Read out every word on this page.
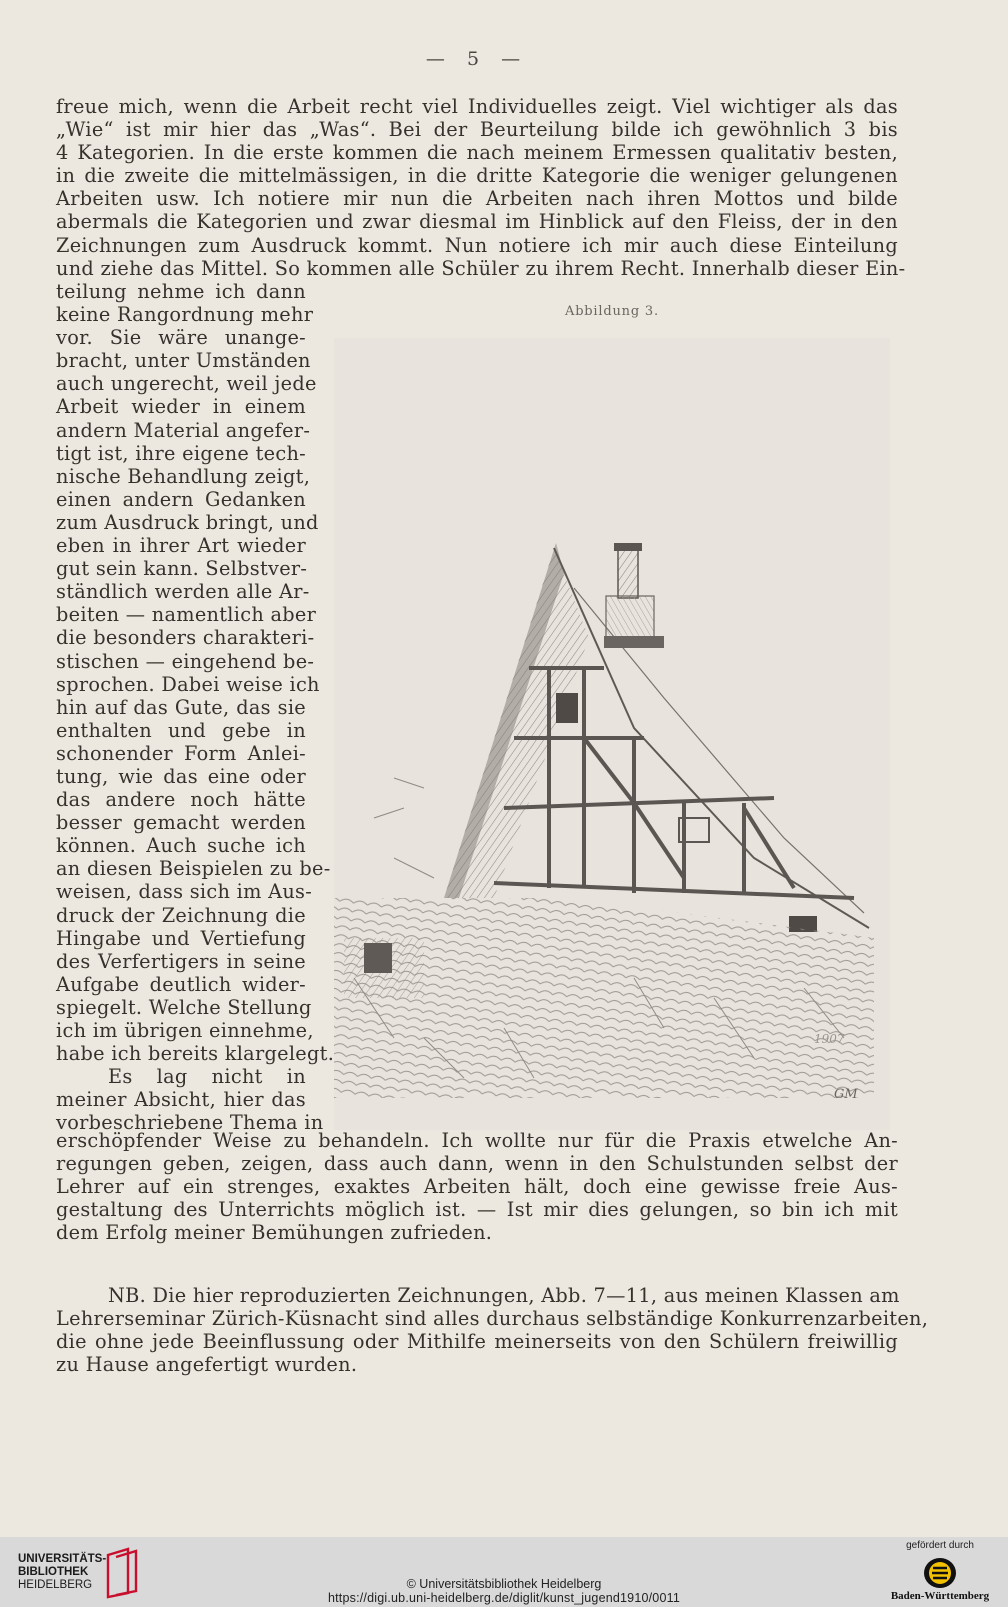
— 5 —
freue mich, wenn die Arbeit recht viel Individuelles zeigt. Viel wichtiger als das
„Wie“ ist mir hier das „Was“. Bei der Beurteilung bilde ich gewöhnlich 3 bis
4 Kategorien. In die erste kommen die nach meinem Ermessen qualitativ besten,
in die zweite die mittelmässigen, in die dritte Kategorie die weniger gelungenen
Arbeiten usw. Ich notiere mir nun die Arbeiten nach ihren Mottos und bilde
abermals die Kategorien und zwar diesmal im Hinblick auf den Fleiss, der in den
Zeichnungen zum Ausdruck kommt. Nun notiere ich mir auch diese Einteilung
und ziehe das Mittel. So kommen alle Schüler zu ihrem Recht. Innerhalb dieser Ein-
teilung nehme ich dann
keine Rangordnung mehr
vor. Sie wäre unange-
bracht, unter Umständen
auch ungerecht, weil jede
Arbeit wieder in einem
andern Material angefer-
tigt ist, ihre eigene tech-
nische Behandlung zeigt,
einen andern Gedanken
zum Ausdruck bringt, und
eben in ihrer Art wieder
gut sein kann. Selbstver-
ständlich werden alle Ar-
beiten — namentlich aber
die besonders charakteri-
stischen — eingehend be-
sprochen. Dabei weise ich
hin auf das Gute, das sie
enthalten und gebe in
schonender Form Anlei-
tung, wie das eine oder
das andere noch hätte
besser gemacht werden
können. Auch suche ich
an diesen Beispielen zu be-
weisen, dass sich im Aus-
druck der Zeichnung die
Hingabe und Vertiefung
des Verfertigers in seine
Aufgabe deutlich wider-
spiegelt. Welche Stellung
ich im übrigen einnehme,
habe ich bereits klargelegt.
Es lag nicht in
meiner Absicht, hier das
vorbeschriebene Thema in
Abbildung 3.
GM
1907
erschöpfender Weise zu behandeln. Ich wollte nur für die Praxis etwelche An-
regungen geben, zeigen, dass auch dann, wenn in den Schulstunden selbst der
Lehrer auf ein strenges, exaktes Arbeiten hält, doch eine gewisse freie Aus-
gestaltung des Unterrichts möglich ist. — Ist mir dies gelungen, so bin ich mit
dem Erfolg meiner Bemühungen zufrieden.
NB. Die hier reproduzierten Zeichnungen, Abb. 7—11, aus meinen Klassen am
Lehrerseminar Zürich-Küsnacht sind alles durchaus selbständige Konkurrenzarbeiten,
die ohne jede Beeinflussung oder Mithilfe meinerseits von den Schülern freiwillig
zu Hause angefertigt wurden.
UNIVERSITÄTS-
BIBLIOTHEK
HEIDELBERG	© Universitätsbibliothek Heidelberg
https://digi.ub.uni-heidelberg.de/diglit/kunst_jugend1910/0011
gefördert durch
Baden-Württemberg
